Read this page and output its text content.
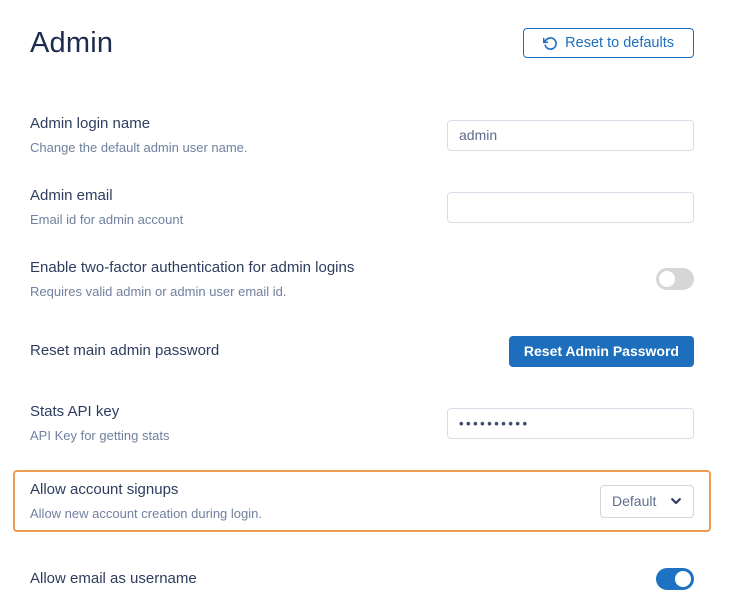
Admin	Reset to defaults
Admin login name
Change the default admin user name.
admin
Admin email
Email id for admin account
Enable two-factor authentication for admin logins
Requires valid admin or admin user email id.
Reset main admin password	Reset Admin Password
Stats API key
API Key for getting stats
••••••••••
Allow account signups
Allow new account creation during login.
Default
Allow email as username
